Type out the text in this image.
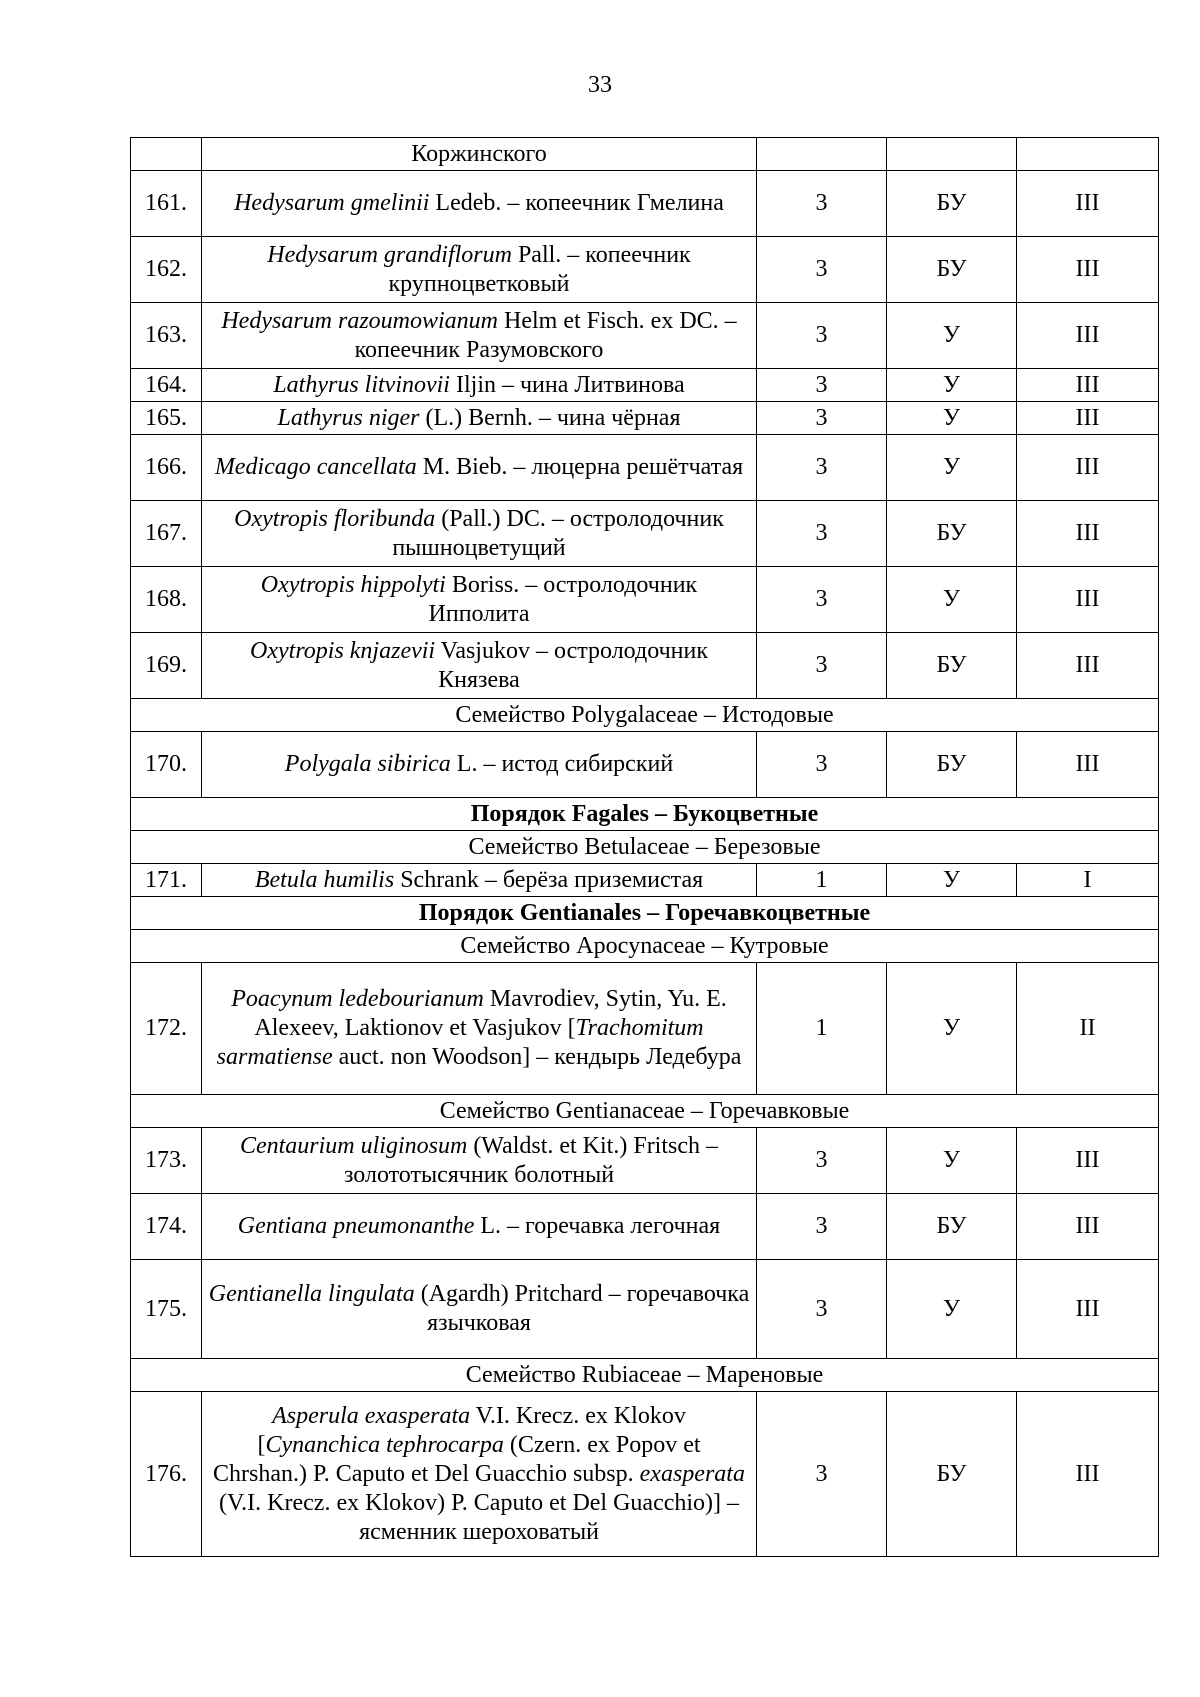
33
	Коржинского			
161.	Hedysarum gmelinii Ledeb. – копеечник Гмелина	3	БУ	III
162.	Hedysarum grandiflorum Pall. – копеечник крупноцветковый	3	БУ	III
163.	Hedysarum razoumowianum Helm et Fisch. ex DC. – копеечник Разумовского	3	У	III
164.	Lathyrus litvinovii Iljin – чина Литвинова	3	У	III
165.	Lathyrus niger (L.) Bernh. – чина чёрная	3	У	III
166.	Medicago cancellata M. Bieb. – люцерна решётчатая	3	У	III
167.	Oxytropis floribunda (Pall.) DC. – остролодочник пышноцветущий	3	БУ	III
168.	Oxytropis hippolyti Boriss. – остролодочник Ипполита	3	У	III
169.	Oxytropis knjazevii Vasjukov – остролодочник Князева	3	БУ	III
Семейство Polygalaceae – Истодовые				
170.	Polygala sibirica L. – истод сибирский	3	БУ	III
Порядок Fagales – Букоцветные				
Семейство Betulaceae – Березовые				
171.	Betula humilis Schrank – берёза приземистая	1	У	I
Порядок Gentianales – Горечавкоцветные				
Семейство Apocynaceae – Кутровые				
172.	Poacynum ledebourianum Mavrodiev, Sytin, Yu. E. Alexeev, Laktionov et Vasjukov [Trachomitum sarmatiense auct. non Woodson] – кендырь Ледебура	1	У	II
Семейство Gentianaceae – Горечавковые				
173.	Centaurium uliginosum (Waldst. et Kit.) Fritsch – золототысячник болотный	3	У	III
174.	Gentiana pneumonanthe L. – горечавка легочная	3	БУ	III
175.	Gentianella lingulata (Agardh) Pritchard – горечавочка язычковая	3	У	III
Семейство Rubiaceae – Мареновые				
176.	Asperula exasperata V.I. Krecz. ex Klokov [Cynanchica tephrocarpa (Czern. ex Popov et Chrshan.) P. Caputo et Del Guacchio subsp. exasperata (V.I. Krecz. ex Klokov) P. Caputo et Del Guacchio)] – ясменник шероховатый	3	БУ	III
